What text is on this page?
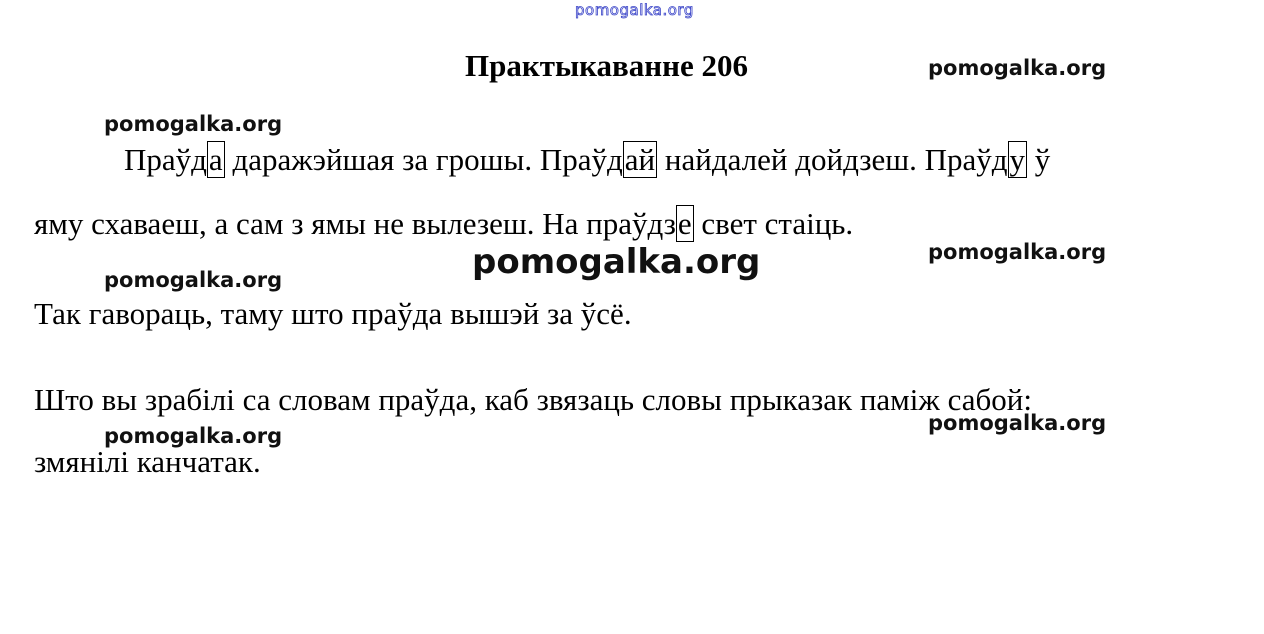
pomogalka.org
Практыкаванне 206	pomogalka.org
pomogalka.org
Праўда даражэйшая за грошы. Праўдай найдалей дойдзеш. Праўду ў
яму схаваеш, а сам з ямы не вылезеш. На праўдзе свет стаіць.
pomogalka.org	pomogalka.org
pomogalka.org
Так гавораць, таму што праўда вышэй за ўсё.
Што вы зрабілі са словам праўда, каб звязаць словы прыказак паміж сабой:
pomogalka.org
pomogalka.org
змянілі канчатак.
